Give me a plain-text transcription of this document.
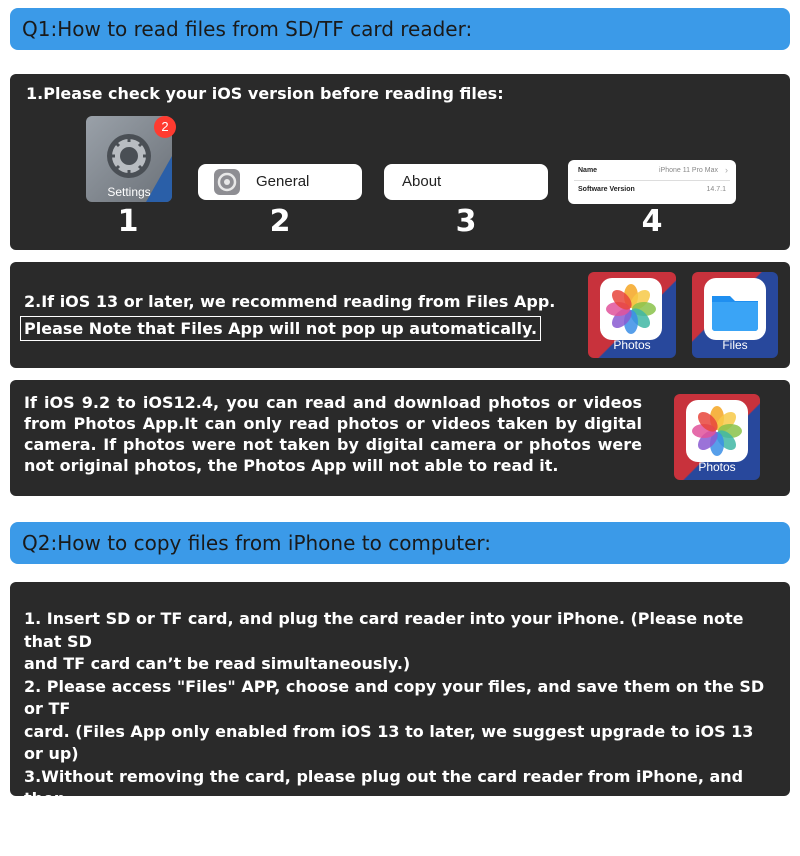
Q1:How to read files from SD/TF card reader:
1.Please check your iOS version before reading files:
Settings
2
General	About
Name	iPhone 11 Pro Max ›
Software Version	14.7.1
1	2	3	4
2.If iOS 13 or later, we recommend reading from Files App.
Please Note that Files App will not pop up automatically.
Photos	Files
If iOS 9.2 to iOS12.4, you can read and download photos or videos from Photos App.It can only read photos or videos taken by digital camera. If photos were not taken by digital camera or photos were not original photos, the Photos App will not able to read it.	Photos
Q2:How to copy files from iPhone to computer:
1. Insert SD or TF card, and plug the card reader into your iPhone. (Please note that SD
and TF card can’t be read simultaneously.)
2. Please access "Files" APP, choose and copy your files, and save them on the SD or TF
card. (Files App only enabled from iOS 13 to later, we suggest upgrade to iOS 13 or up)
3.Without removing the card, please plug out the card reader from iPhone, and then
plug it on your computer.
4. You can read the files from SD/TF card on your computer.
